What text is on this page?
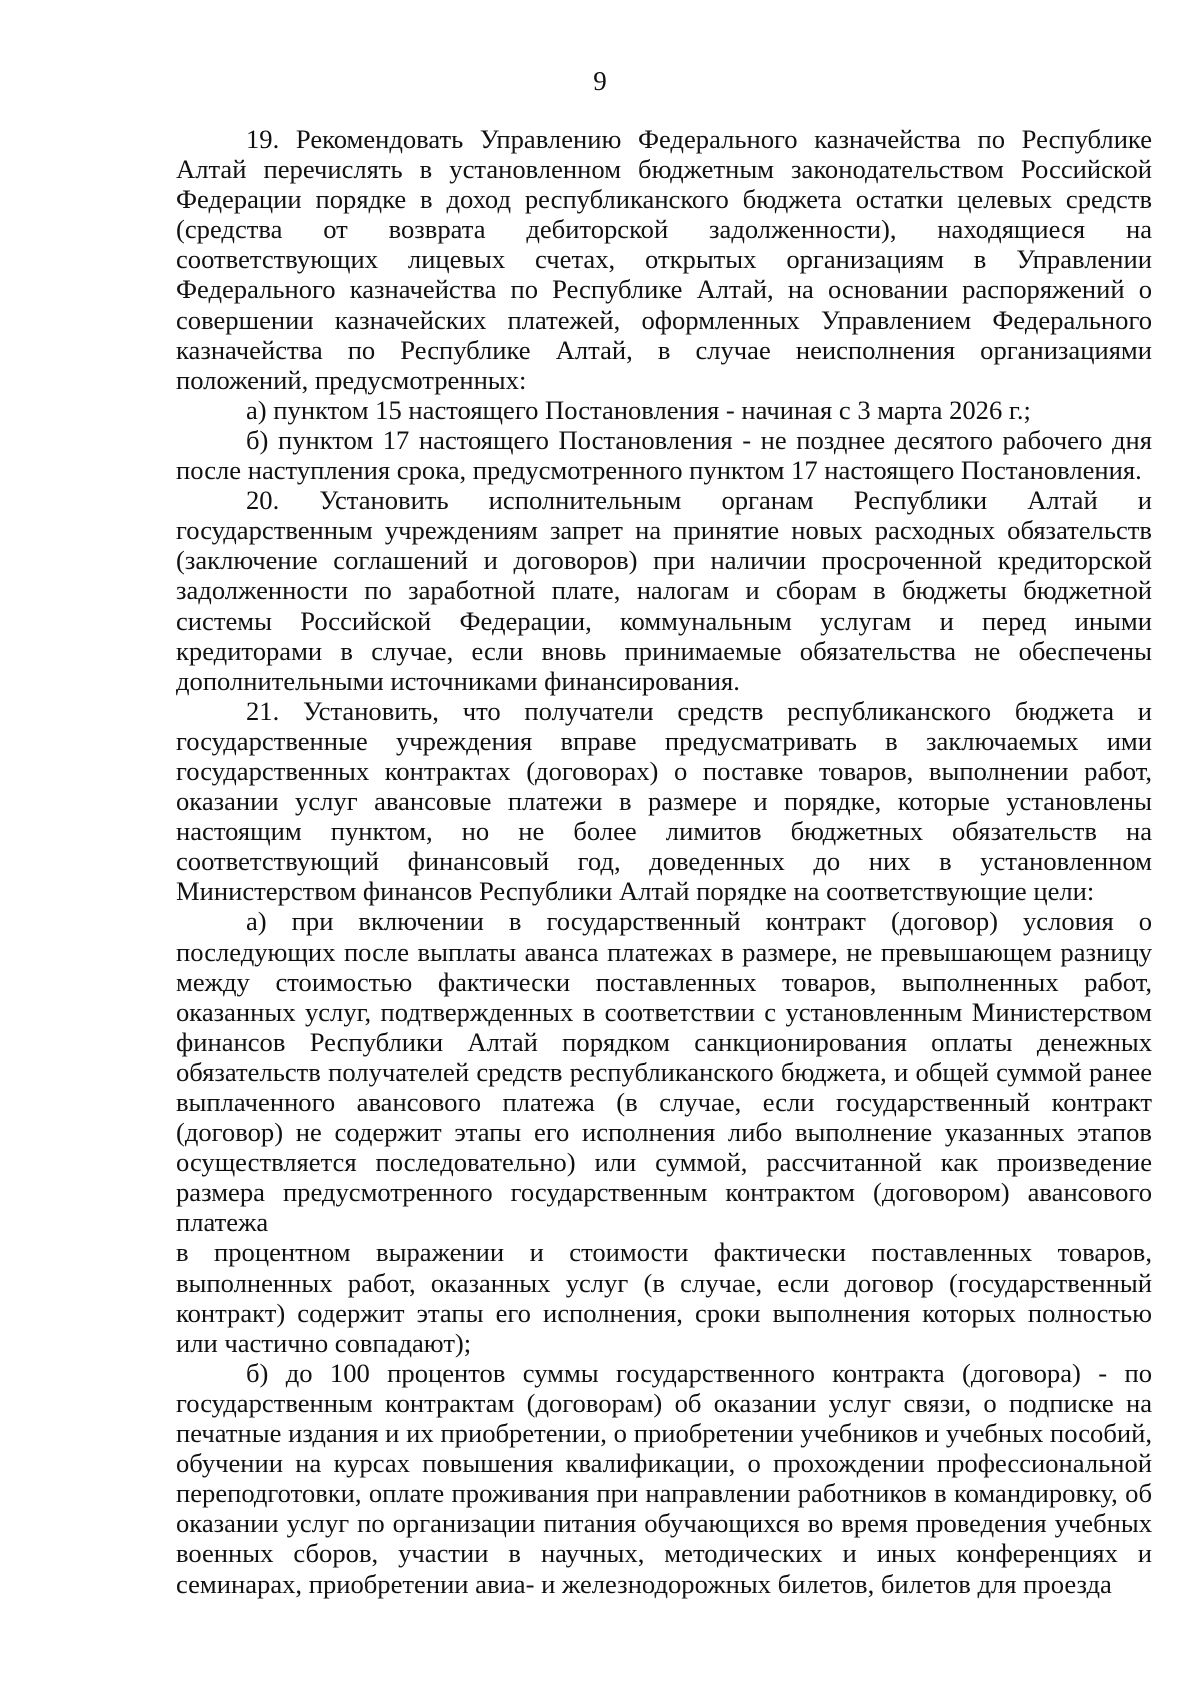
9

19. Рекомендовать Управлению Федерального казначейства по Республике Алтай перечислять в установленном бюджетным законодательством Российской Федерации порядке в доход республиканского бюджета остатки целевых средств (средства от возврата дебиторской задолженности), находящиеся на соответствующих лицевых счетах, открытых организациям в Управлении Федерального казначейства по Республике Алтай, на основании распоряжений о совершении казначейских платежей, оформленных Управлением Федерального казначейства по Республике Алтай, в случае неисполнения организациями положений, предусмотренных:

а) пунктом 15 настоящего Постановления - начиная с 3 марта 2026 г.;

б) пунктом 17 настоящего Постановления - не позднее десятого рабочего дня после наступления срока, предусмотренного пунктом 17 настоящего Постановления.

20. Установить исполнительным органам Республики Алтай и государственным учреждениям запрет на принятие новых расходных обязательств (заключение соглашений и договоров) при наличии просроченной кредиторской задолженности по заработной плате, налогам и сборам в бюджеты бюджетной системы Российской Федерации, коммунальным услугам и перед иными кредиторами в случае, если вновь принимаемые обязательства не обеспечены дополнительными источниками финансирования.

21. Установить, что получатели средств республиканского бюджета и государственные учреждения вправе предусматривать в заключаемых ими государственных контрактах (договорах) о поставке товаров, выполнении работ, оказании услуг авансовые платежи в размере и порядке, которые установлены настоящим пунктом, но не более лимитов бюджетных обязательств на соответствующий финансовый год, доведенных до них в установленном Министерством финансов Республики Алтай порядке на соответствующие цели:

а) при включении в государственный контракт (договор) условия о последующих после выплаты аванса платежах в размере, не превышающем разницу между стоимостью фактически поставленных товаров, выполненных работ, оказанных услуг, подтвержденных в соответствии с установленным Министерством финансов Республики Алтай порядком санкционирования оплаты денежных обязательств получателей средств республиканского бюджета, и общей суммой ранее выплаченного авансового платежа (в случае, если государственный контракт (договор) не содержит этапы его исполнения либо выполнение указанных этапов осуществляется последовательно) или суммой, рассчитанной как произведение размера предусмотренного государственным контрактом (договором) авансового платежа

в процентном выражении и стоимости фактически поставленных товаров, выполненных работ, оказанных услуг (в случае, если договор (государственный контракт) содержит этапы его исполнения, сроки выполнения которых полностью или частично совпадают);

б) до 100 процентов суммы государственного контракта (договора) - по государственным контрактам (договорам) об оказании услуг связи, о подписке на печатные издания и их приобретении, о приобретении учебников и учебных пособий, обучении на курсах повышения квалификации, о прохождении профессиональной переподготовки, оплате проживания при направлении работников в командировку, об оказании услуг по организации питания обучающихся во время проведения учебных военных сборов, участии в научных, методических и иных конференциях и семинарах, приобретении авиа- и железнодорожных билетов, билетов для проезда
